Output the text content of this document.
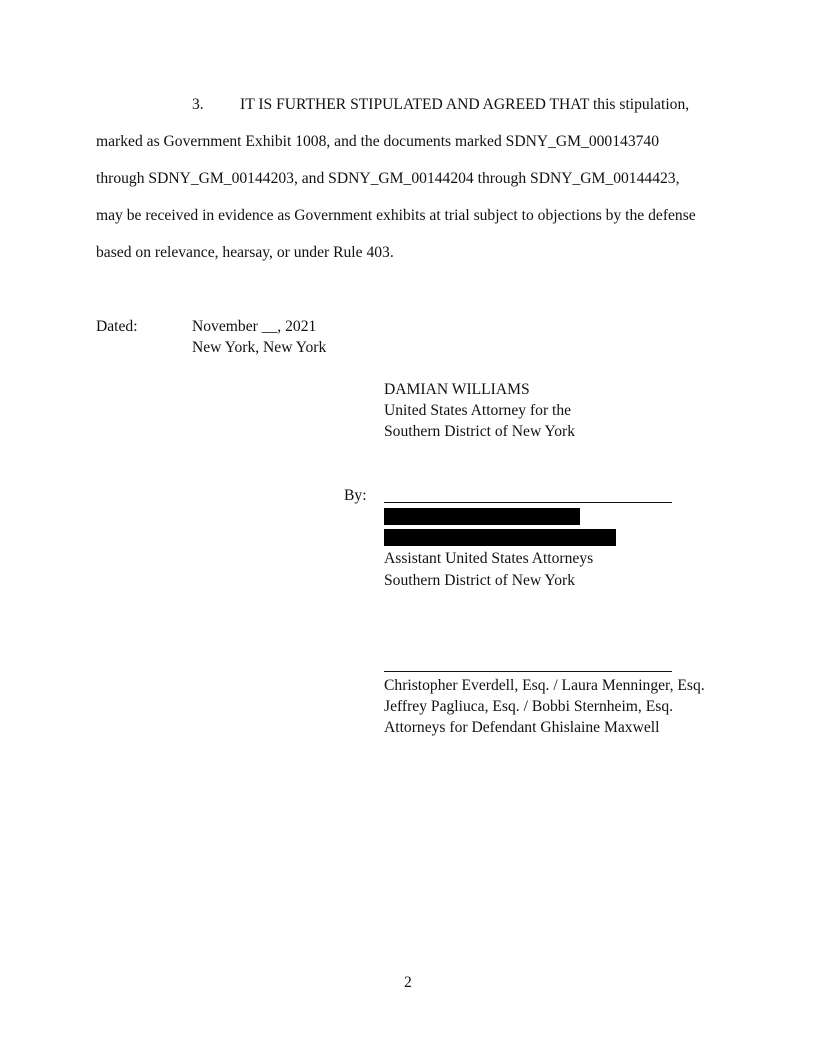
3. IT IS FURTHER STIPULATED AND AGREED THAT this stipulation,
marked as Government Exhibit 1008, and the documents marked SDNY_GM_000143740
through SDNY_GM_00144203, and SDNY_GM_00144204 through SDNY_GM_00144423,
may be received in evidence as Government exhibits at trial subject to objections by the defense
based on relevance, hearsay, or under Rule 403.
Dated:	November __, 2021
New York, New York
DAMIAN WILLIAMS
United States Attorney for the
Southern District of New York
By:
Assistant United States Attorneys
Southern District of New York
Christopher Everdell, Esq. / Laura Menninger, Esq.
Jeffrey Pagliuca, Esq. / Bobbi Sternheim, Esq.
Attorneys for Defendant Ghislaine Maxwell
2
